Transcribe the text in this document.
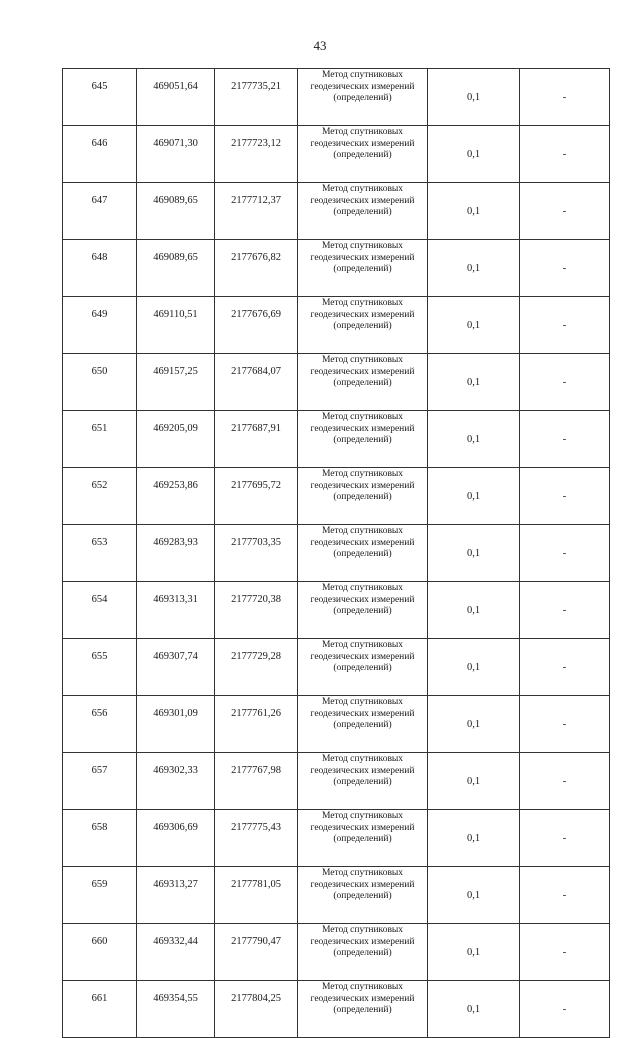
43
645	469051,64	2177735,21	Метод спутниковых
геодезических измерений
(определений)	0,1	-
646	469071,30	2177723,12	Метод спутниковых
геодезических измерений
(определений)	0,1	-
647	469089,65	2177712,37	Метод спутниковых
геодезических измерений
(определений)	0,1	-
648	469089,65	2177676,82	Метод спутниковых
геодезических измерений
(определений)	0,1	-
649	469110,51	2177676,69	Метод спутниковых
геодезических измерений
(определений)	0,1	-
650	469157,25	2177684,07	Метод спутниковых
геодезических измерений
(определений)	0,1	-
651	469205,09	2177687,91	Метод спутниковых
геодезических измерений
(определений)	0,1	-
652	469253,86	2177695,72	Метод спутниковых
геодезических измерений
(определений)	0,1	-
653	469283,93	2177703,35	Метод спутниковых
геодезических измерений
(определений)	0,1	-
654	469313,31	2177720,38	Метод спутниковых
геодезических измерений
(определений)	0,1	-
655	469307,74	2177729,28	Метод спутниковых
геодезических измерений
(определений)	0,1	-
656	469301,09	2177761,26	Метод спутниковых
геодезических измерений
(определений)	0,1	-
657	469302,33	2177767,98	Метод спутниковых
геодезических измерений
(определений)	0,1	-
658	469306,69	2177775,43	Метод спутниковых
геодезических измерений
(определений)	0,1	-
659	469313,27	2177781,05	Метод спутниковых
геодезических измерений
(определений)	0,1	-
660	469332,44	2177790,47	Метод спутниковых
геодезических измерений
(определений)	0,1	-
661	469354,55	2177804,25	Метод спутниковых
геодезических измерений
(определений)	0,1	-
